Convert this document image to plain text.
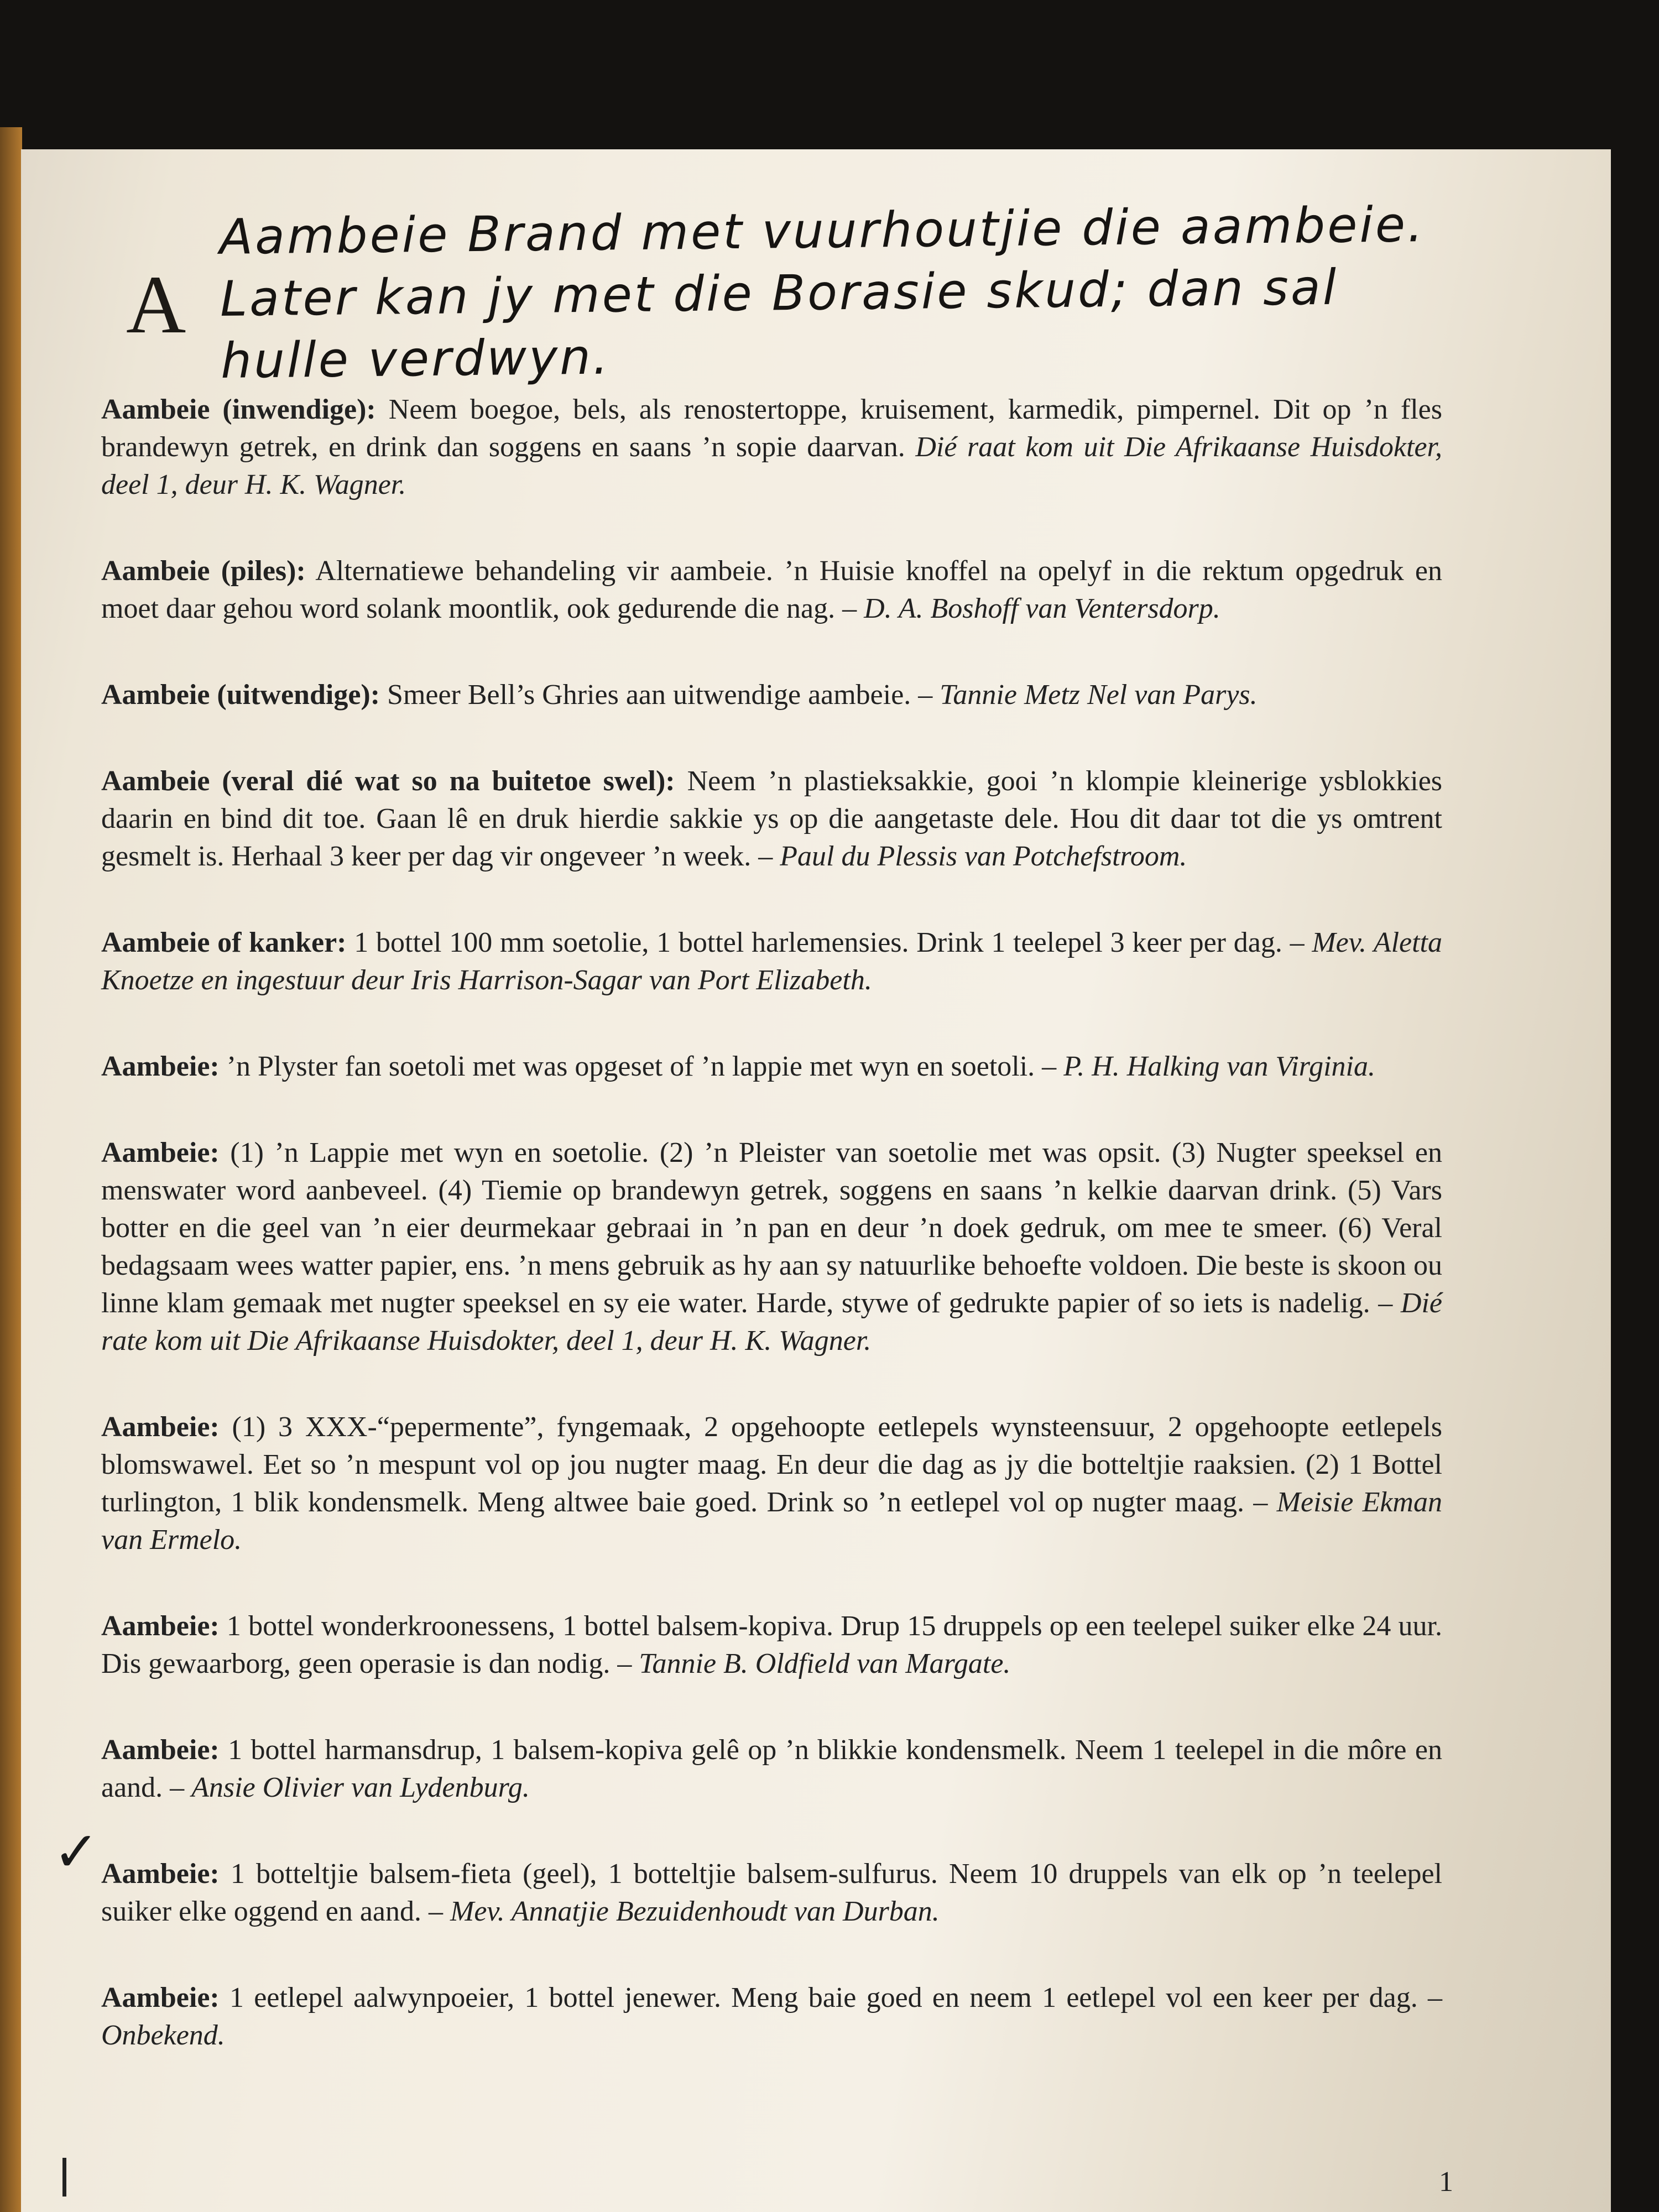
A
Aambeie Brand met vuurhoutjie die aambeie.
Later kan jy met die Borasie skud; dan sal
hulle verdwyn.

Aambeie (inwendige): Neem boegoe, bels, als renostertoppe, kruisement, karmedik, pimpernel. Dit op ’n fles brandewyn getrek, en drink dan soggens en saans ’n sopie daarvan. Dié raat kom uit Die Afrikaanse Huisdokter, deel 1, deur H. K. Wagner.

Aambeie (piles): Alternatiewe behandeling vir aambeie. ’n Huisie knoffel na opelyf in die rektum opgedruk en moet daar gehou word solank moontlik, ook gedurende die nag. – D. A. Boshoff van Ventersdorp.

Aambeie (uitwendige): Smeer Bell’s Ghries aan uitwendige aambeie. – Tannie Metz Nel van Parys.

Aambeie (veral dié wat so na buitetoe swel): Neem ’n plastieksakkie, gooi ’n klompie kleinerige ysblokkies daarin en bind dit toe. Gaan lê en druk hierdie sakkie ys op die aangetaste dele. Hou dit daar tot die ys omtrent gesmelt is. Herhaal 3 keer per dag vir ongeveer ’n week. – Paul du Plessis van Potchefstroom.

Aambeie of kanker: 1 bottel 100 mm soetolie, 1 bottel harlemensies. Drink 1 teelepel 3 keer per dag. – Mev. Aletta Knoetze en ingestuur deur Iris Harrison-Sagar van Port Elizabeth.

Aambeie: ’n Plyster fan soetoli met was opgeset of ’n lappie met wyn en soetoli. – P. H. Halking van Virginia.

Aambeie: (1) ’n Lappie met wyn en soetolie. (2) ’n Pleister van soetolie met was opsit. (3) Nugter speeksel en menswater word aanbeveel. (4) Tiemie op brandewyn getrek, soggens en saans ’n kelkie daarvan drink. (5) Vars botter en die geel van ’n eier deurmekaar gebraai in ’n pan en deur ’n doek gedruk, om mee te smeer. (6) Veral bedagsaam wees watter papier, ens. ’n mens gebruik as hy aan sy natuurlike behoefte voldoen. Die beste is skoon ou linne klam gemaak met nugter speeksel en sy eie water. Harde, stywe of gedrukte papier of so iets is nadelig. – Dié rate kom uit Die Afrikaanse Huisdokter, deel 1, deur H. K. Wagner.

Aambeie: (1) 3 XXX-“pepermente”, fyngemaak, 2 opgehoopte eetlepels wynsteensuur, 2 opgehoopte eetlepels blomswawel. Eet so ’n mespunt vol op jou nugter maag. En deur die dag as jy die botteltjie raaksien. (2) 1 Bottel turlington, 1 blik kondensmelk. Meng altwee baie goed. Drink so ’n eetlepel vol op nugter maag. – Meisie Ekman van Ermelo.

Aambeie: 1 bottel wonderkroonessens, 1 bottel balsem-kopiva. Drup 15 druppels op een teelepel suiker elke 24 uur. Dis gewaarborg, geen operasie is dan nodig. – Tannie B. Oldfield van Margate.

Aambeie: 1 bottel harmansdrup, 1 balsem-kopiva gelê op ’n blikkie kondensmelk. Neem 1 teelepel in die môre en aand. – Ansie Olivier van Lydenburg.

Aambeie: 1 botteltjie balsem-fieta (geel), 1 botteltjie balsem-sulfurus. Neem 10 druppels van elk op ’n teelepel suiker elke oggend en aand. – Mev. Annatjie Bezuidenhoudt van Durban.

Aambeie: 1 eetlepel aalwynpoeier, 1 bottel jenewer. Meng baie goed en neem 1 eetlepel vol een keer per dag. – Onbekend.

✓
1
